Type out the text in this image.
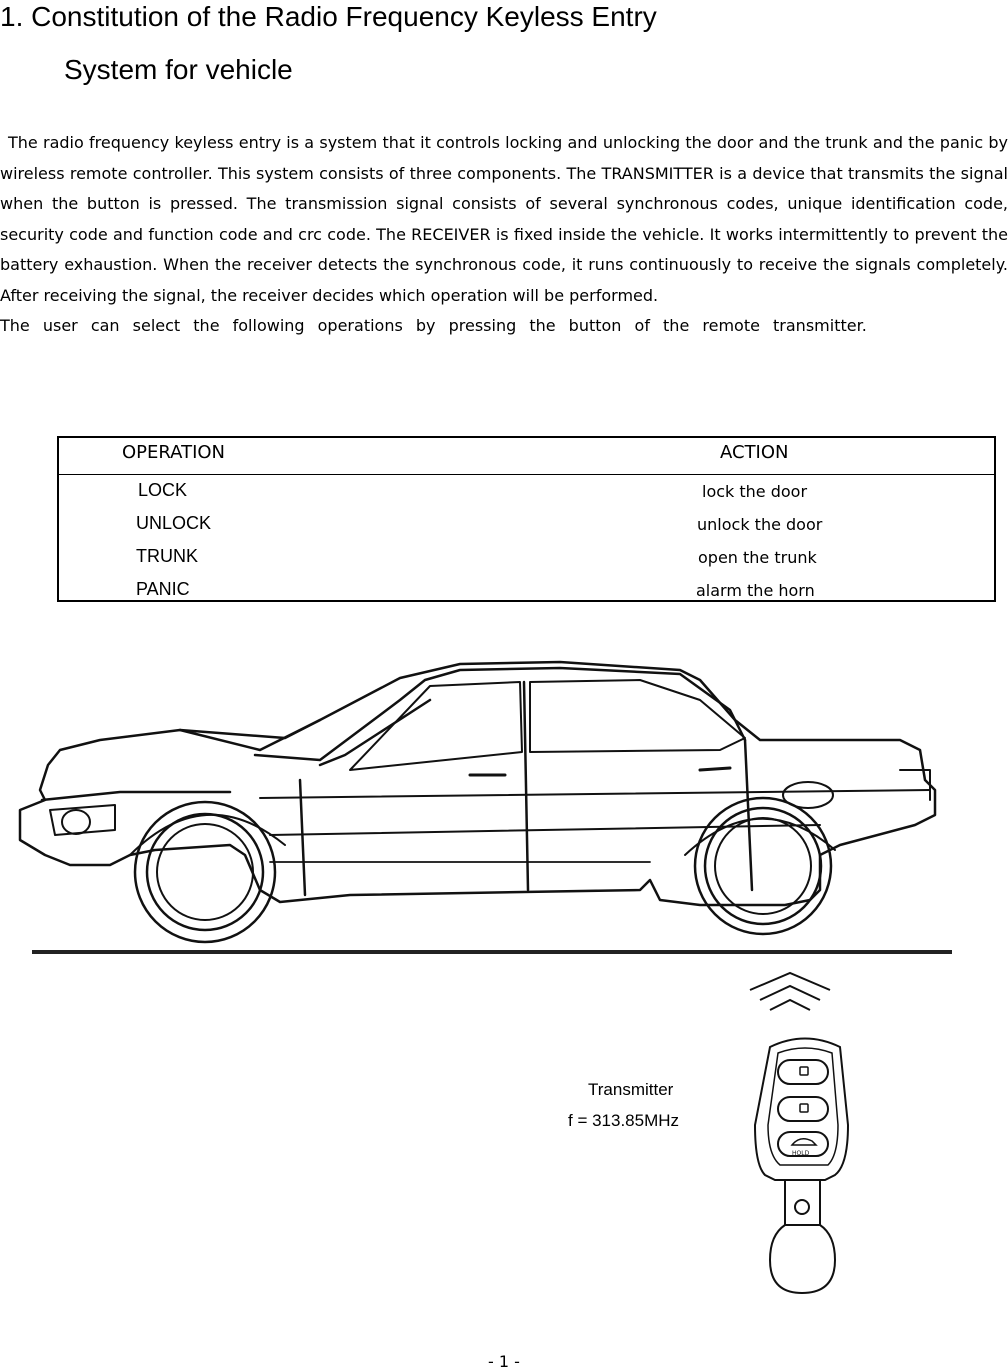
1. Constitution of the Radio Frequency Keyless Entry
System for vehicle

The radio frequency keyless entry is a system that it controls locking and unlocking the door and the trunk and the panic by wireless remote controller. This system consists of three components. The TRANSMITTER is a device that transmits the signal when the button is pressed. The transmission signal consists of several synchronous codes, unique identification code, security code and function code and crc code. The RECEIVER is fixed inside the vehicle. It works intermittently to prevent the battery exhaustion. When the receiver detects the synchronous code, it runs continuously to receive the signals completely. After receiving the signal, the receiver decides which operation will be performed.

The user can select the following operations by pressing the button of the remote transmitter.

OPERATION	ACTION
LOCK	lock the door
UNLOCK	unlock the door
TRUNK	open the trunk
PANIC	alarm the horn
Transmitter
f = 313.85MHz
HOLD
- 1 -
